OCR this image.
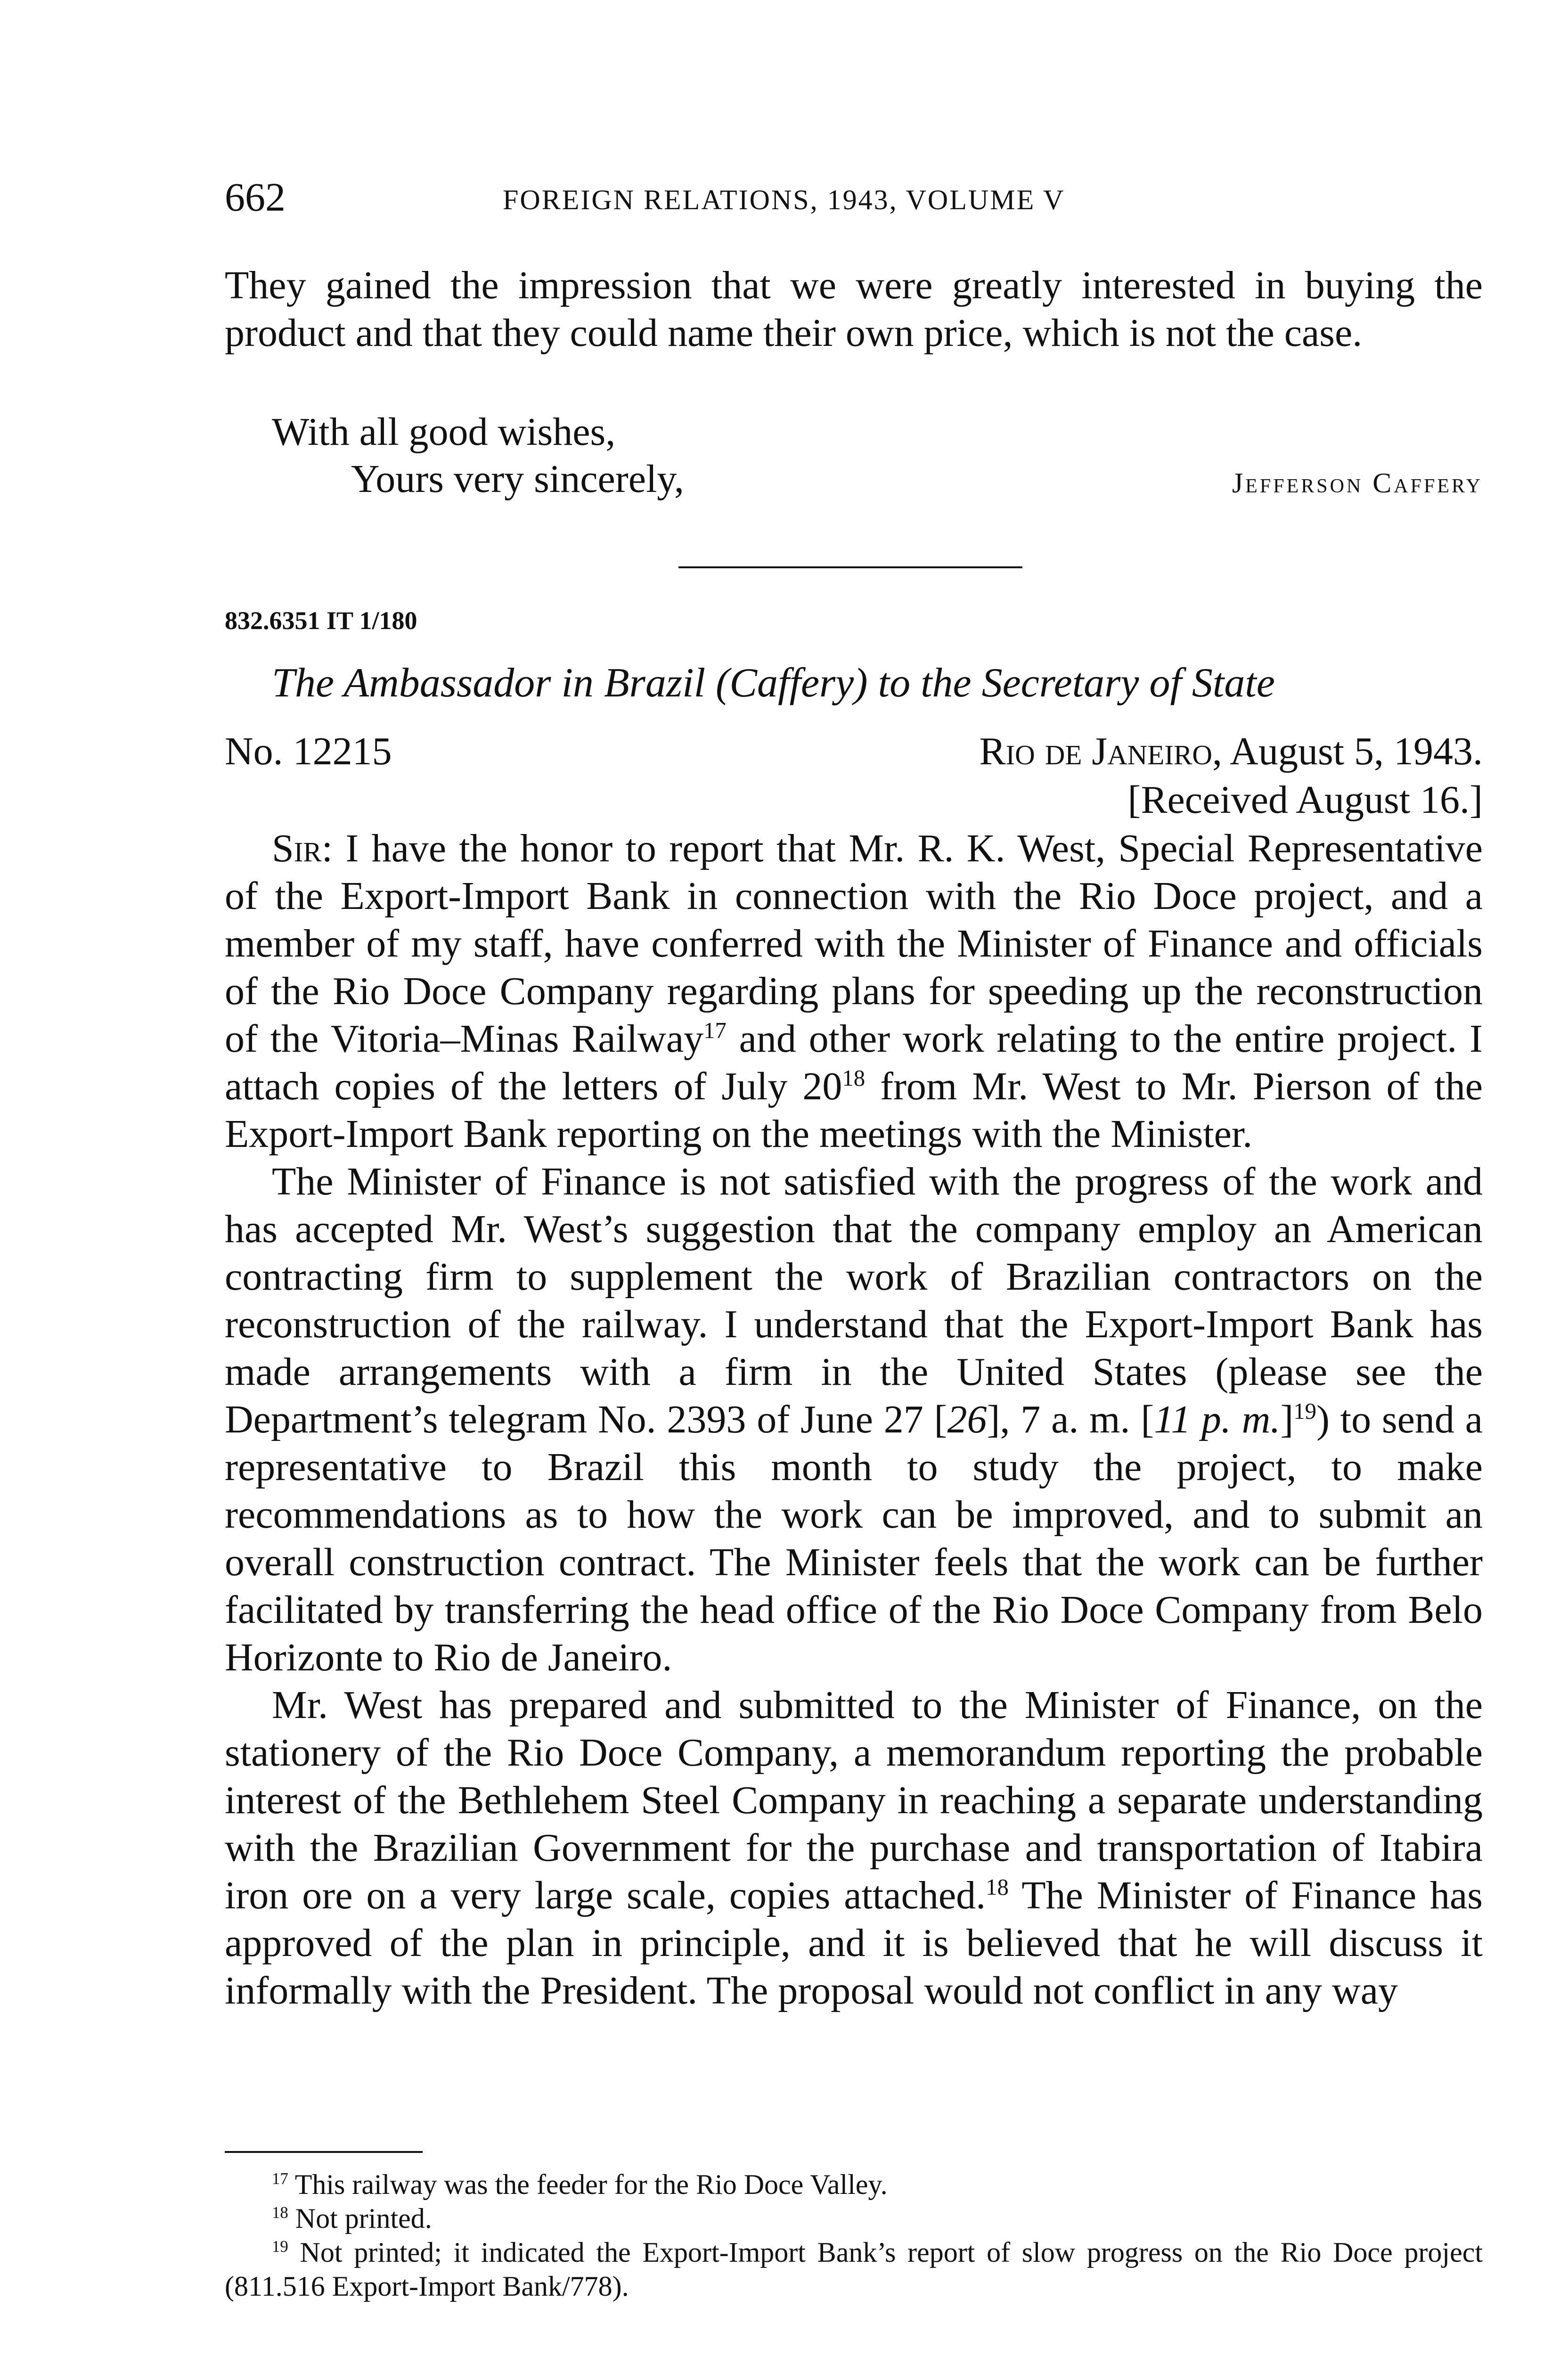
662	FOREIGN RELATIONS, 1943, VOLUME V

They gained the impression that we were greatly interested in buying the product and that they could name their own price, which is not the case.

With all good wishes,
Yours very sincerely,	Jefferson Caffery
832.6351 IT 1/180
The Ambassador in Brazil (Caffery) to the Secretary of State
No. 12215	Rio de Janeiro, August 5, 1943.
[Received August 16.]

Sir: I have the honor to report that Mr. R. K. West, Special Representative of the Export-Import Bank in connection with the Rio Doce project, and a member of my staff, have conferred with the Minister of Finance and officials of the Rio Doce Company regarding plans for speeding up the reconstruction of the Vitoria–Minas Railway$^{17}$ and other work relating to the entire project. I attach copies of the letters of July $20^{18}$ from Mr. West to Mr. Pierson of the Export-Import Bank reporting on the meetings with the Minister.

The Minister of Finance is not satisfied with the progress of the work and has accepted Mr. West’s suggestion that the company employ an American contracting firm to supplement the work of Brazilian contractors on the reconstruction of the railway. I understand that the Export-Import Bank has made arrangements with a firm in the United States (please see the Department’s telegram No. 2393 of June 27 [26], 7 a. m. [11 p. m.]$^{19}$) to send a representative to Brazil this month to study the project, to make recommendations as to how the work can be improved, and to submit an overall construction contract. The Minister feels that the work can be further facilitated by transferring the head office of the Rio Doce Company from Belo Horizonte to Rio de Janeiro.

Mr. West has prepared and submitted to the Minister of Finance, on the stationery of the Rio Doce Company, a memorandum reporting the probable interest of the Bethlehem Steel Company in reaching a separate understanding with the Brazilian Government for the purchase and transportation of Itabira iron ore on a very large scale, copies attached.$^{18}$ The Minister of Finance has approved of the plan in principle, and it is believed that he will discuss it informally with the President. The proposal would not conflict in any way

$^{17}$ This railway was the feeder for the Rio Doce Valley.

$^{18}$ Not printed.

$^{19}$ Not printed; it indicated the Export-Import Bank’s report of slow progress on the Rio Doce project (811.516 Export-Import Bank/778).
